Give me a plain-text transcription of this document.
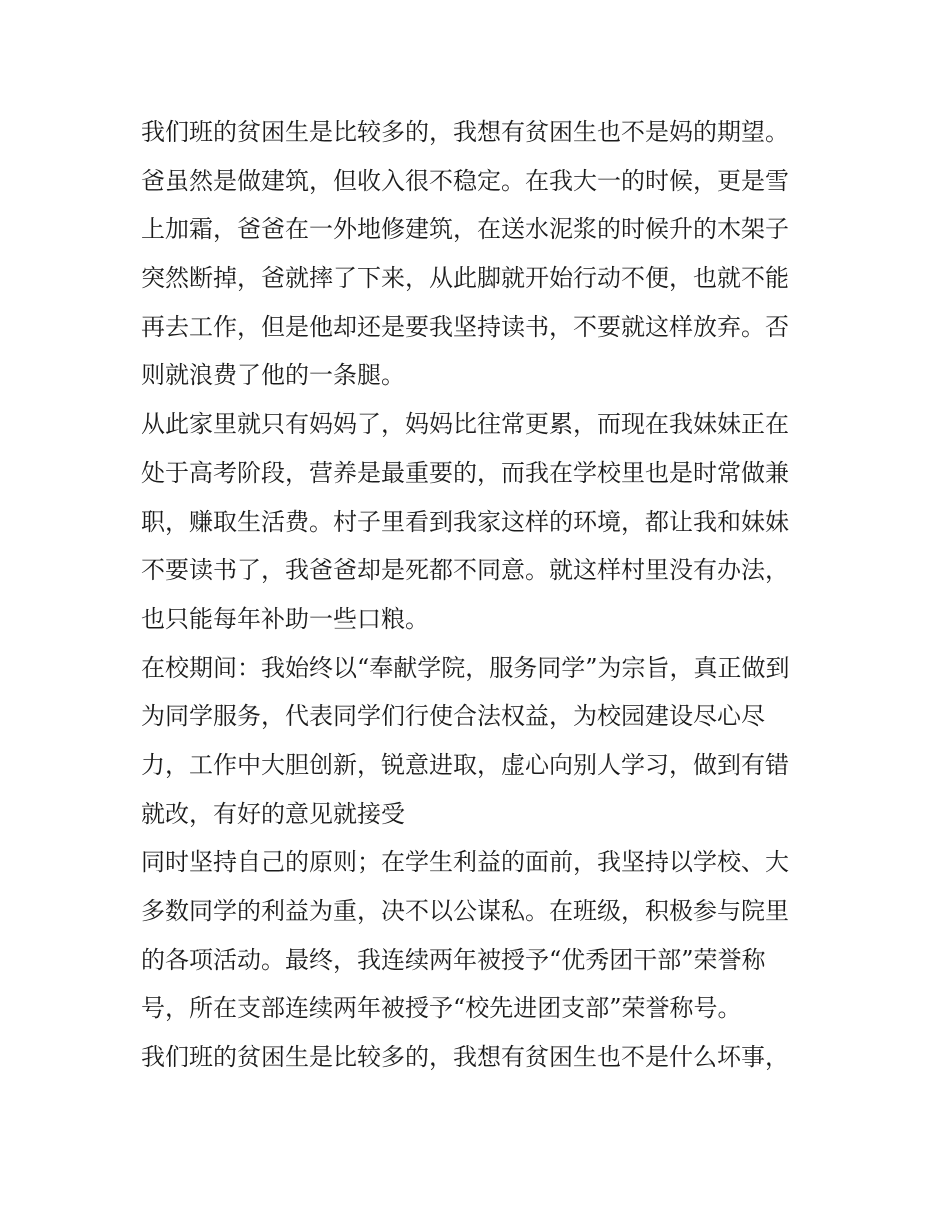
我们班的贫困生是比较多的，我想有贫困生也不是妈的期望。
爸虽然是做建筑，但收入很不稳定。在我大一的时候，更是雪
上加霜，爸爸在一外地修建筑，在送水泥浆的时候升的木架子
突然断掉，爸就摔了下来，从此脚就开始行动不便，也就不能
再去工作，但是他却还是要我坚持读书，不要就这样放弃。否
则就浪费了他的一条腿。
从此家里就只有妈妈了，妈妈比往常更累，而现在我妹妹正在
处于高考阶段，营养是最重要的，而我在学校里也是时常做兼
职，赚取生活费。村子里看到我家这样的环境，都让我和妹妹
不要读书了，我爸爸却是死都不同意。就这样村里没有办法，
也只能每年补助一些口粮。
在校期间：我始终以“奉献学院，服务同学”为宗旨，真正做到
为同学服务，代表同学们行使合法权益，为校园建设尽心尽
力，工作中大胆创新，锐意进取，虚心向别人学习，做到有错
就改，有好的意见就接受
同时坚持自己的原则；在学生利益的面前，我坚持以学校、大
多数同学的利益为重，决不以公谋私。在班级，积极参与院里
的各项活动。最终，我连续两年被授予“优秀团干部”荣誉称
号，所在支部连续两年被授予“校先进团支部”荣誉称号。
我们班的贫困生是比较多的，我想有贫困生也不是什么坏事，
